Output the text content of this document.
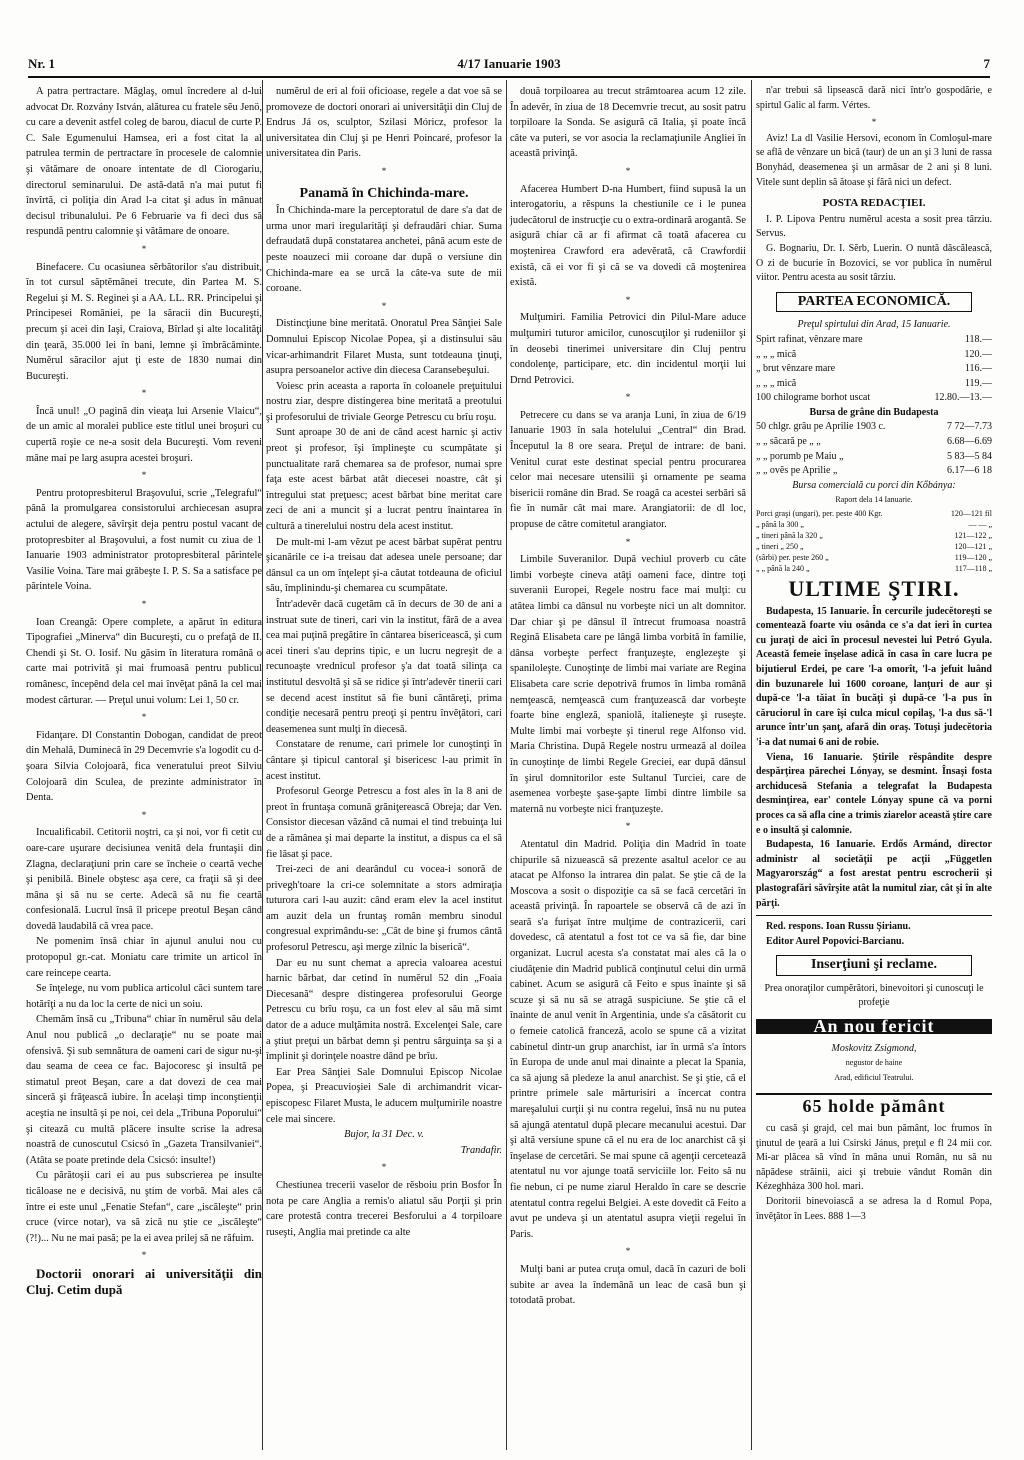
Nr. 1	4/17 Ianuarie 1903	7

A patra pertractare. Măglaş, omul încredere al d-lui advocat Dr. Rozvány István, alăturea cu fratele sĕu Jenö, cu care a devenit astfel coleg de barou, diacul de curte P. C. Sale Egumenului Hamsea, eri a fost citat la al patrulea termin de pertractare în procesele de calomnie şi vătămare de onoare intentate de dl Ciorogariu, directorul seminarului. De astă-dată n'a mai putut fi învîrtă, ci poliţia din Arad l-a citat şi adus în mânuat decisul tribunalului. Pe 6 Februarie va fi deci dus să respundă pentru calomnie şi vătămare de onoare.

*

Binefacere. Cu ocasiunea sĕrbătorilor s'au distribuit, în tot cursul săptĕmânei trecute, din Partea M. S. Regelui şi M. S. Reginei şi a AA. LL. RR. Principelui şi Principesei României, pe la săracii din Bucureşti, precum şi acei din Iaşi, Craiova, Bîrlad şi alte localităţi din ţeară, 35.000 lei în bani, lemne şi îmbrăcăminte. Numĕrul săracilor ajut ţi este de 1830 numai din Bucureşti.

*

Încă unul! „O pagină din vieaţa lui Arsenie Vlaicu“, de un amic al moralei publice este titlul unei broşuri cu cupertă roşie ce ne-a sosit dela Bucureşti. Vom reveni mâne mai pe larg asupra acestei broşuri.

*

Pentru protopresbiterul Braşovului, scrie „Telegraful“ până la promulgarea consistorului archiecesan asupra actului de alegere, săvîrşit deja pentru postul vacant de protopresbiter al Braşovului, a fost numit cu ziua de 1 Ianuarie 1903 administrator protopresbiteral părintele Vasilie Voina. Tare mai grăbeşte I. P. S. Sa a satisface pe părintele Voina.

*

Ioan Creangă: Opere complete, a apărut în editura Tipografiei „Minerva“ din Bucureşti, cu o prefaţă de II. Chendi şi St. O. Iosif. Nu găsim în literatura română o carte mai potrivită şi mai frumoasă pentru publicul românesc, începênd dela cel mai învĕţat până la cel mai modest cărturar. — Preţul unui volum: Lei 1, 50 cr.

*

Fidanţare. Dl Constantin Dobogan, candidat de preot din Mehală, Duminecă în 29 Decemvrie s'a logodit cu d-şoara Silvia Colojoară, fica veneratului preot Silviu Colojoară din Sculea, de prezinte administrator în Denta.

*

Incualificabil. Cetitorii noştri, ca şi noi, vor fi cetit cu oare-care uşurare decisiunea venită dela fruntaşii din Zlagna, declaraţiuni prin care se încheie o ceartă veche şi penibilă. Binele obştesc aşa cere, ca fraţii să şi dee mâna şi să nu se certe. Adecă să nu fie ceartă confesională. Lucrul însă îl pricepe preotul Beşan când dovedă laudabilă că vrea pace.

Ne pomenim însă chiar în ajunul anului nou cu protopopul gr.-cat. Moniatu care trimite un articol în care reincepe cearta.

Se înţelege, nu vom publica articolul căci suntem tare hotărîţi a nu da loc la certe de nici un soiu.

Chemăm însă cu „Tribuna“ chiar în numĕrul său dela Anul nou publică „o declaraţie“ nu se poate mai ofensivă. Şi sub semnătura de oameni cari de sigur nu-şi dau seama de ceea ce fac. Bajocoresc şi insultă pe stimatul preot Beşan, care a dat dovezi de cea mai sinceră şi frăţească iubire. În acelaşi timp inconştienţii aceştia ne insultă şi pe noi, cei dela „Tribuna Poporului“ şi citează cu multă plăcere insulte scrise la adresa noastră de cunoscutul Csicsó în „Gazeta Transilvaniei“. (Atâta se poate pretinde dela Csicsó: insulte!)

Cu părătoşii cari ei au pus subscrierea pe insulte ticăloase ne e decisivă, nu ştim de vorbă. Mai ales că între ei este unul „Fenatie Stefan“, care „iscăleşte“ prin cruce (virce notar), va să zică nu ştie ce „iscăleşte“ (?!)... Nu ne mai pasă; pe la ei avea prilej să ne răfuim.

*

Doctorii onorari ai universităţii din Cluj. Cetim după

numĕrul de eri al foii oficioase, regele a dat voe să se promoveze de doctori onorari ai universităţii din Cluj de Endrus Já os, sculptor, Szilasi Móricz, profesor la universitatea din Cluj şi pe Henri Poincaré, profesor la universitatea din Paris.

*
Panamă în Chichinda-mare.

În Chichinda-mare la perceptoratul de dare s'a dat de urma unor mari iregularităţi şi defraudări chiar. Suma defraudată după constatarea anchetei, până acum este de peste noauzeci mii coroane dar după o versiune din Chichinda-mare ea se urcă la câte-va sute de mii coroane.

*

Distincţiune bine meritată. Onoratul Prea Sânţiei Sale Domnului Episcop Nicolae Popea, şi a distinsului său vicar-arhimandrit Filaret Musta, sunt totdeauna ţinuţi, asupra persoanelor active din diecesa Caransebeşului.

Voiesc prin aceasta a raporta în coloanele preţuitului nostru ziar, despre distingerea bine meritată a preotului şi profesorului de triviale George Petrescu cu brîu roşu.

Sunt aproape 30 de ani de când acest harnic şi activ preot şi profesor, îşi împlineşte cu scumpătate şi punctualitate rară chemarea sa de profesor, numai spre faţa este acest bărbat atât diecesei noastre, cât şi întregului stat preţuesc; acest bărbat bine meritat care zeci de ani a muncit şi a lucrat pentru înaintarea în cultură a tinerelului nostru dela acest institut.

De mult-mi l-am vĕzut pe acest bărbat supĕrat pentru şicanările ce i-a treisau dat adesea unele persoane; dar dânsul ca un om înţelept şi-a căutat totdeauna de oficiul său, împlinindu-şi chemarea cu scumpătate.

Într'adevĕr dacă cugetăm că în decurs de 30 de ani a instruat sute de tineri, cari vin la institut, fără de a avea cea mai puţină pregătire în cântarea bisericească, şi cum acei tineri s'au deprins tipic, e un lucru negreşit de a recunoaşte vrednicul profesor ş'a dat toată silinţa ca institutul desvoltă şi să se ridice şi într'adevĕr tinerii cari se decend acest institut să fie buni cântăreţi, prima condiţie necesară pentru preoţi şi pentru învĕţători, cari deasemenea sunt mulţi în diecesă.

Constatare de renume, cari primele lor cunoştinţi în cântare şi tipicul cantoral şi bisericesc l-au primit în acest institut.

Profesorul George Petrescu a fost ales în la 8 ani de preot în fruntaşa comună grăniţerească Obreja; dar Ven. Consistor diecesan văzând că numai el tind trebuinţa lui de a rămânea şi mai departe la institut, a dispus ca el să fie lăsat şi pace.

Trei-zeci de ani dearândul cu vocea-i sonoră de privegh'toare la cri-ce solemnitate a stors admiraţia tuturora cari l-au auzit: când eram elev la acel institut am auzit dela un fruntaş român membru sinodul congresual exprimându-se: „Cât de bine şi frumos cântă profesorul Petrescu, aşi merge zilnic la biserică“.

Dar eu nu sunt chemat a aprecia valoarea acestui harnic bărbat, dar cetind în numĕrul 52 din „Foaia Diecesană“ despre distingerea profesorului George Petrescu cu brîu roşu, ca un fost elev al său mă simt dator de a aduce mulţămita nostră. Excelenţei Sale, care a ştiut preţui un bărbat demn şi pentru sârguinţa sa şi a împlinit şi dorinţele noastre dând pe brîu.

Ear Prea Sânţiei Sale Domnului Episcop Nicolae Popea, şi Preacuvioşiei Sale di archimandrit vicar-episcopesc Filaret Musta, le aducem mulţumirile noastre cele mai sincere.

Bujor, la 31 Dec. v.

Trandafir.

*

Chestiunea trecerii vaselor de rĕsboiu prin Bosfor În nota pe care Anglia a remis'o aliatul său Porţii şi prin care protestă contra trecerei Besforului a 4 torpiloare ruseşti, Anglia mai pretinde ca alte

două torpiloarea au trecut strâmtoarea acum 12 zile. În adevĕr, în ziua de 18 Decemvrie trecut, au sosit patru torpiloare la Sonda. Se asigură că Italia, şi poate încă câte va puteri, se vor asocia la reclamaţiunile Angliei în această privinţă.

*

Afacerea Humbert D-na Humbert, fiind supusă la un interogatoriu, a rĕspuns la chestiunile ce i le punea judecătorul de instrucţie cu o extra-ordinară arogantă. Se asigură chiar că ar fi afirmat că toată afacerea cu moştenirea Crawford era adevĕrată, că Crawfordii există, că ei vor fi şi că se va dovedi că moştenirea există.

*

Mulţumiri. Familia Petrovici din Pilul-Mare aduce mulţumiri tuturor amicilor, cunoscuţilor şi rudeniilor şi în deosebi tinerimei universitare din Cluj pentru condolenţe, participare, etc. din incidentul morţii lui Drnd Petrovici.

*

Petrecere cu dans se va aranja Luni, în ziua de 6/19 Ianuarie 1903 în sala hotelului „Central“ din Brad. Începutul la 8 ore seara. Preţul de intrare: de bani. Venitul curat este destinat special pentru procurarea celor mai necesare utensilii şi ornamente pe seama bisericii române din Brad. Se roagă ca acestei serbări să fie în număr cât mai mare. Arangiatorii: de dl loc, propuse de către comitetul arangiator.

*

Limbile Suveranilor. După vechiul proverb cu câte limbi vorbeşte cineva atâţi oameni face, dintre toţi suveranii Europei, Regele nostru face mai mulţi: cu atâtea limbi ca dânsul nu vorbeşte nici un alt domnitor. Dar chiar şi pe dânsul îl întrecut frumoasa noastră Regină Elisabeta care pe lângă limba vorbită în familie, dânsa vorbeşte perfect franţuzeşte, englezeşte şi spaniloleşte. Cunoştinţe de limbi mai variate are Regina Elisabeta care scrie depotrivă frumos în limba română nemţească, nemţească cum franţuzească dar vorbeşte foarte bine engleză, spaniolă, italieneşte şi ruseşte. Multe limbi mai vorbeşte şi tinerul rege Alfonso vid. Maria Christina. După Regele nostru urmează al doilea în cunoştinţe de limbi Regele Greciei, ear după dânsul în şirul domnitorilor este Sultanul Turciei, care de asemenea vorbeşte şase-şapte limbi dintre limbile sa maternă nu vorbeşte nici franţuzeşte.

*

Atentatul din Madrid. Poliţia din Madrid în toate chipurile să nizuească să prezente asaltul acelor ce au atacat pe Alfonso la intrarea din palat. Se ştie că de la Moscova a sosit o dispoziţie ca să se facă cercetări în această privinţă. În rapoartele se observă că de azi în seară s'a furişat între mulţime de contrazicerii, cari dovedesc, că atentatul a fost tot ce va să fie, dar bine organizat. Lucrul acesta s'a constatat mai ales că la o ciudăţenie din Madrid publică conţinutul celui din urmă cabinet. Acum se asigură că Feito e spus înainte şi să scuze şi să nu să se atragă suspiciune. Se ştie că el înainte de anul venit în Argentinia, unde s'a căsătorit cu o femeie catolică franceză, acolo se spune că a vizitat cabinetul dintr-un grup anarchist, iar în urmă s'a întors în Europa de unde anul mai dinainte a plecat la Spania, ca să ajung să pledeze la anul anarchist. Se şi ştie, că el printre primele sale mărturisiri a încercat contra mareşalului curţii şi nu contra regelui, însă nu nu putea să ajungă atentatul după plecare mecanului acestui. Dar şi altă versiune spune că el nu era de loc anarchist că şi înşelase de cercetări. Se mai spune că agenţii cercetează atentatul nu vor ajunge toată serviciile lor. Feito să nu fie nebun, ci pe nume ziarul Heraldo în care se descrie atentatul contra regelui Belgiei. A este dovedit că Feito a avut pe undeva şi un atentatul asupra vieţii regelui în Paris.

*

Mulţi bani ar putea cruţa omul, dacă în cazuri de boli subite ar avea la îndemână un leac de casă bun şi totodată probat.

n'ar trebui să lipsească dară nici într'o gospodărie, e spirtul Galic al farm. Vértes.

*

Aviz! La dl Vasilie Hersovi, econom în Comloşul-mare se află de vênzare un bică (taur) de un an şi 3 luni de rassa Bonyhád, deasemenea şi un armăsar de 2 ani şi 8 luni. Vitele sunt deplin să ătoase şi fără nici un defect.

POSTA REDACŢIEI.

I. P. Lipova Pentru numĕrul acesta a sosit prea târziu. Servus.

G. Bognariu, Dr. I. Sĕrb, Luerin. O nuntă dăscălească, O zi de bucurie în Bozovici, se vor publica în numĕrul viitor. Pentru acesta au sosit târziu.

PARTEA ECONOMICĂ.

Preţul spirtului din Arad, 15 Ianuarie.

Spirt rafinat, vênzare mare	118.—
„ „ „ mică	120.—
„ brut vênzare mare	116.—
„ „ „ mică	119.—
100 chilograme borhot uscat	12.80.—13.—

Bursa de grâne din Budapesta

50 chlgr. grâu pe Aprilie 1903 c.	7 72—7.73
„ „ săcară pe „ „	6.68—6.69
„ „ porumb pe Maiu „	5 83—5 84
„ „ ovĕs pe Aprilie „	6.17—6 18

Bursa comercială cu porci din Kőbánya:

Raport dela 14 Ianuarie.

Porci graşi (ungari), per. peste 400 Kgr.	120—121 fil
„ până la 300 „	— — „
„ tineri până la 320 „	121—122 „
„ tineri „ 250 „	120—121 „
(sârbi) per. peste 260 „	119—120 „
„ „ până la 240 „	117—118 „
ULTIME ŞTIRI.

Budapesta, 15 Ianuarie. În cercurile judecĕtoreşti se comentează foarte viu osânda ce s'a dat ieri în curtea cu juraţi de aici în procesul nevestei lui Petró Gyula. Această femeie înşelase adică în casa în care lucra pe bijutierul Erdei, pe care 'l-a omorît, 'l-a jefuit luând din buzunarele lui 1600 coroane, lanţuri de aur şi după-ce 'l-a tăiat în bucăţi şi după-ce 'l-a pus în căruciorul în care îşi culca micul copilaş, 'l-a dus să-'l arunce într'un şanţ, afară din oraş. Totuşi judecĕtoria 'i-a dat numai 6 ani de robie.

Viena, 16 Ianuarie. Ştirile rĕspândite despre despărţirea părechei Lónyay, se desmint. Însaşi fosta archiducesă Stefania a telegrafat la Budapesta desminţirea, ear' contele Lónyay spune că va porni proces ca să afla cine a trimis ziarelor această ştire care e o insultă şi calomnie.

Budapesta, 16 Ianuarie. Erdős Armánd, director administr al societăţii pe acţii „Független Magyarország“ a fost arestat pentru escrocherii şi plastografări săvîrşite atât la numitul ziar, cât şi în alte părţi.

Red. respons. Ioan Russu Şirianu.

Editor Aurel Popovici-Barcianu.

Inserţiuni şi reclame.

Prea onoraţilor cumpĕrători, binevoitori şi cunoscuţi le profeţie

An nou fericit

Moskovitz Zsigmond,

negustor de haine

Arad, edificiul Teatrului.

65 holde pământ

cu casă şi grajd, cel mai bun pământ, loc frumos în ţinutul de ţeară a lui Csirski Jánus, preţul e fl 24 mii cor. Mi-ar plăcea să vînd în mâna unui Român, nu să nu năpădese străinii, aici şi trebuie vândut Român din Kézeghháza 300 hol. mari.

Doritorii binevoiască a se adresa la d Romul Popa, învĕţător în Lees. 888 1—3
